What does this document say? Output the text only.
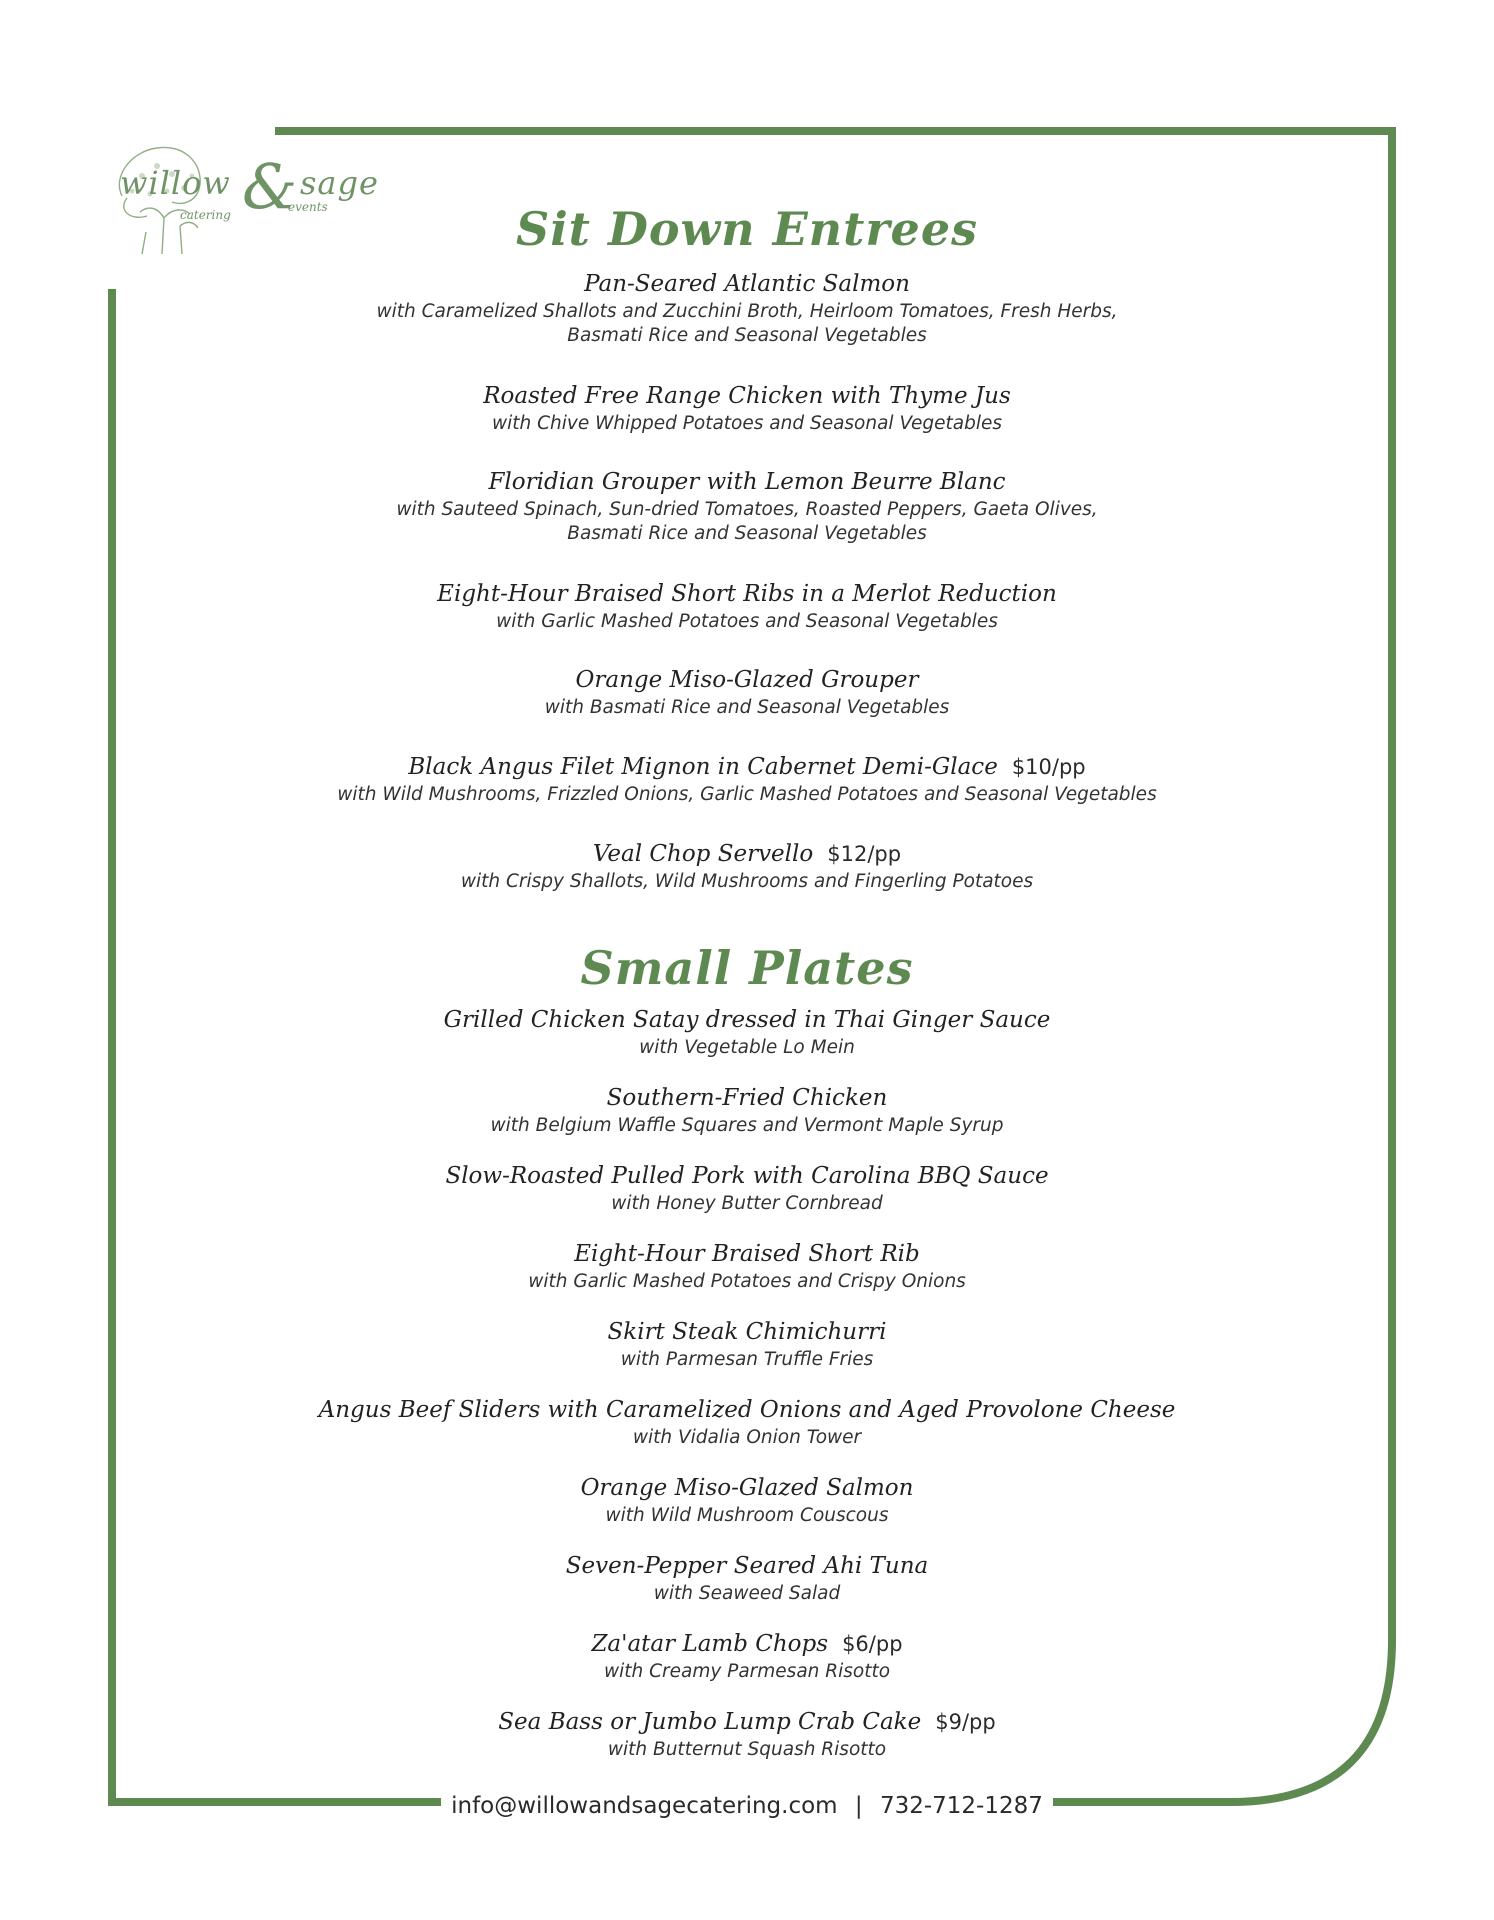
willow & sage
catering
events	Sit Down Entrees
Pan-Seared Atlantic Salmon
with Caramelized Shallots and Zucchini Broth, Heirloom Tomatoes, Fresh Herbs,
Basmati Rice and Seasonal Vegetables
Roasted Free Range Chicken with Thyme Jus
with Chive Whipped Potatoes and Seasonal Vegetables
Floridian Grouper with Lemon Beurre Blanc
with Sauteed Spinach, Sun-dried Tomatoes, Roasted Peppers, Gaeta Olives,
Basmati Rice and Seasonal Vegetables
Eight-Hour Braised Short Ribs in a Merlot Reduction
with Garlic Mashed Potatoes and Seasonal Vegetables
Orange Miso-Glazed Grouper
with Basmati Rice and Seasonal Vegetables
Black Angus Filet Mignon in Cabernet Demi-Glace $10/pp
with Wild Mushrooms, Frizzled Onions, Garlic Mashed Potatoes and Seasonal Vegetables
Veal Chop Servello $12/pp
with Crispy Shallots, Wild Mushrooms and Fingerling Potatoes
Small Plates
Grilled Chicken Satay dressed in Thai Ginger Sauce
with Vegetable Lo Mein
Southern-Fried Chicken
with Belgium Waffle Squares and Vermont Maple Syrup
Slow-Roasted Pulled Pork with Carolina BBQ Sauce
with Honey Butter Cornbread
Eight-Hour Braised Short Rib
with Garlic Mashed Potatoes and Crispy Onions
Skirt Steak Chimichurri
with Parmesan Truffle Fries
Angus Beef Sliders with Caramelized Onions and Aged Provolone Cheese
with Vidalia Onion Tower
Orange Miso-Glazed Salmon
with Wild Mushroom Couscous
Seven-Pepper Seared Ahi Tuna
with Seaweed Salad
Za'atar Lamb Chops $6/pp
with Creamy Parmesan Risotto
Sea Bass or Jumbo Lump Crab Cake $9/pp
with Butternut Squash Risotto
info@willowandsagecatering.com | 732-712-1287
